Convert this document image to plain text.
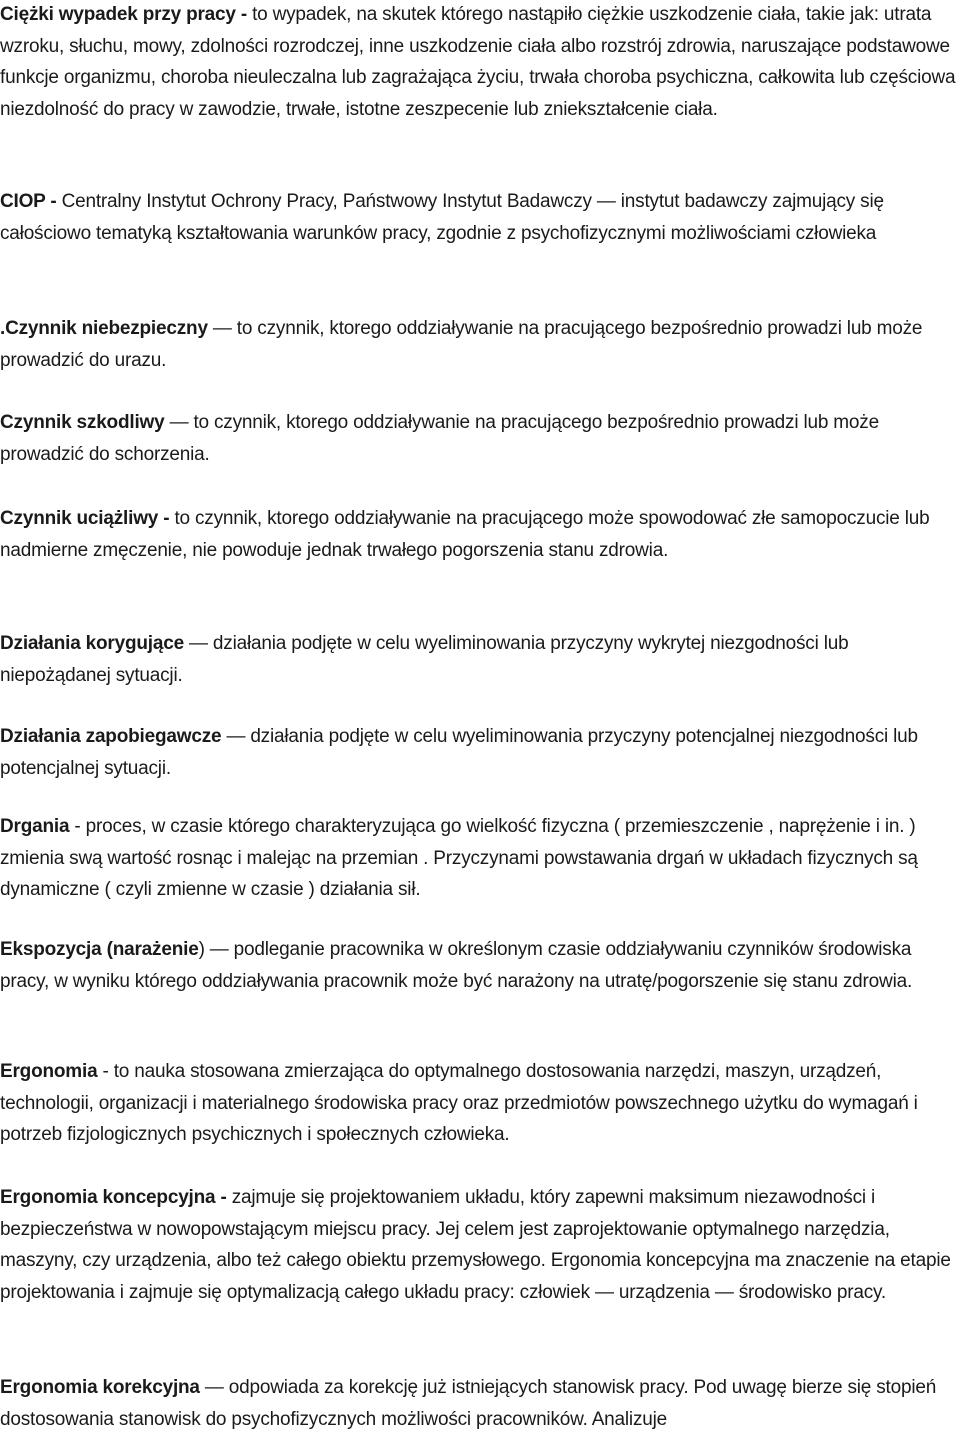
Ciężki wypadek przy pracy - to wypadek, na skutek którego nastąpiło ciężkie uszkodzenie ciała, takie jak: utrata wzroku, słuchu, mowy, zdolności rozrodczej, inne uszkodzenie ciała albo rozstrój zdrowia, naruszające podstawowe funkcje organizmu, choroba nieuleczalna lub zagrażająca życiu, trwała choroba psychiczna, całkowita lub częściowa niezdolność do pracy w zawodzie, trwałe, istotne zeszpecenie lub zniekształcenie ciała.

CIOP - Centralny Instytut Ochrony Pracy, Państwowy Instytut Badawczy — instytut badawczy zajmujący się całościowo tematyką kształtowania warunków pracy, zgodnie z psychofizycznymi możliwościami człowieka

.Czynnik niebezpieczny — to czynnik, ktorego oddziaływanie na pracującego bezpośrednio prowadzi lub może prowadzić do urazu.

Czynnik szkodliwy — to czynnik, ktorego oddziaływanie na pracującego bezpośrednio prowadzi lub może prowadzić do schorzenia.

Czynnik uciążliwy - to czynnik, ktorego oddziaływanie na pracującego może spowodować złe samopoczucie lub nadmierne zmęczenie, nie powoduje jednak trwałego pogorszenia stanu zdrowia.

Działania korygujące — działania podjęte w celu wyeliminowania przyczyny wykrytej niezgodności lub niepożądanej sytuacji.

Działania zapobiegawcze — działania podjęte w celu wyeliminowania przyczyny potencjalnej niezgodności lub potencjalnej sytuacji.

Drgania - proces, w czasie którego charakteryzująca go wielkość fizyczna ( przemieszczenie , naprężenie i in. ) zmienia swą wartość rosnąc i malejąc na przemian . Przyczynami powstawania drgań w układach fizycznych są dynamiczne ( czyli zmienne w czasie ) działania sił.

Ekspozycja (narażenie) — podleganie pracownika w określonym czasie oddziaływaniu czynników środowiska pracy, w wyniku którego oddziaływania pracownik może być narażony na utratę/pogorszenie się stanu zdrowia.

Ergonomia - to nauka stosowana zmierzająca do optymalnego dostosowania narzędzi, maszyn, urządzeń, technologii, organizacji i materialnego środowiska pracy oraz przedmiotów powszechnego użytku do wymagań i potrzeb fizjologicznych psychicznych i społecznych człowieka.

Ergonomia koncepcyjna - zajmuje się projektowaniem układu, który zapewni maksimum niezawodności i bezpieczeństwa w nowopowstającym miejscu pracy. Jej celem jest zaprojektowanie optymalnego narzędzia, maszyny, czy urządzenia, albo też całego obiektu przemysłowego. Ergonomia koncepcyjna ma znaczenie na etapie projektowania i zajmuje się optymalizacją całego układu pracy: człowiek — urządzenia — środowisko pracy.

Ergonomia korekcyjna — odpowiada za korekcję już istniejących stanowisk pracy. Pod uwagę bierze się stopień dostosowania stanowisk do psychofizycznych możliwości pracowników. Analizuje
